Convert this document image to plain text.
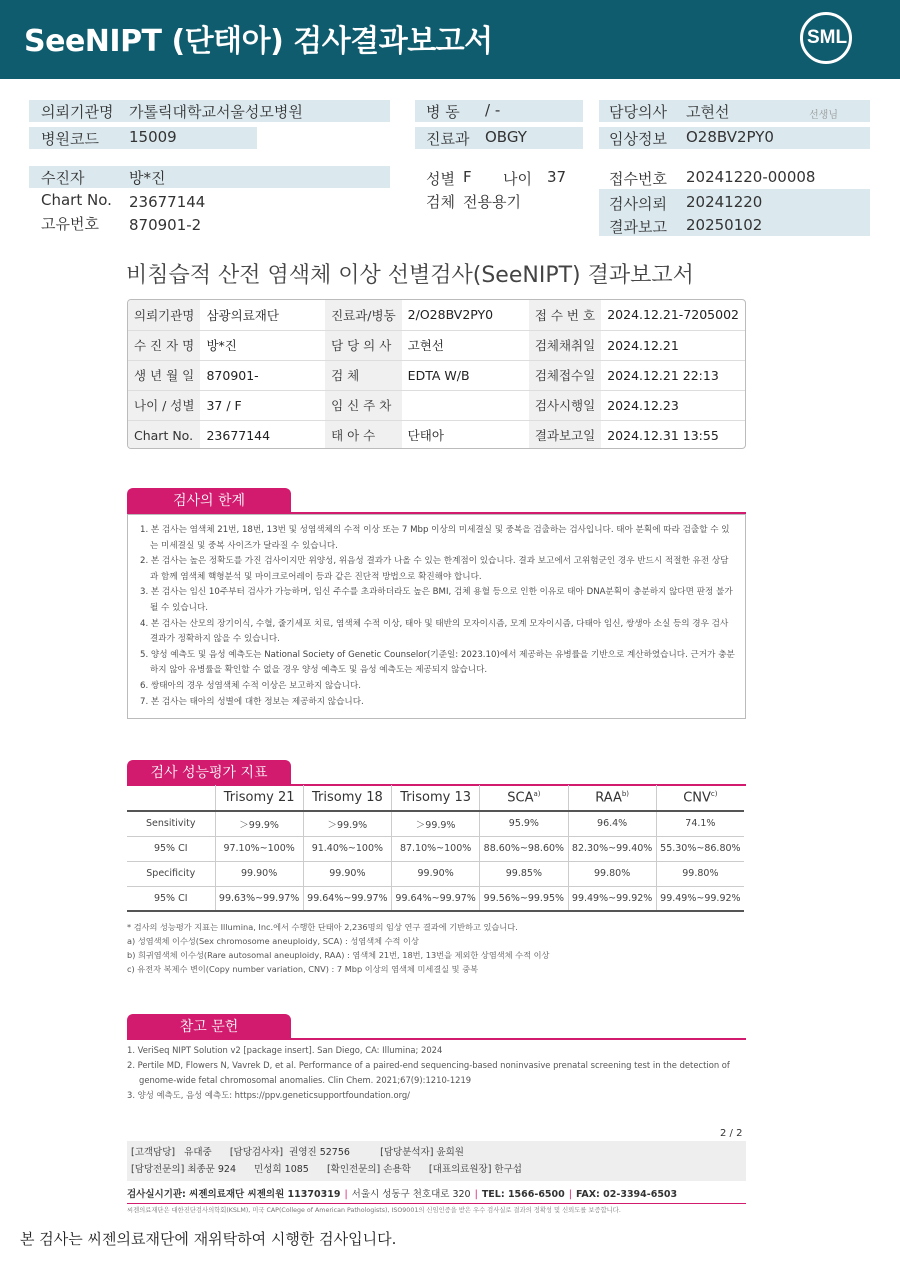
SeeNIPT (단태아) 검사결과보고서	SML
의뢰기관명 가톨릭대학교서울성모병원
병원코드 15009
병 동 / -
진료과 OBGY
담당의사 고현선	선생님
임상정보 O28BV2PY0
수진자	방*진
Chart No. 23677144
고유번호 870901-2
성별 F 나이 37
검체 전용용기
접수번호 20241220-00008
검사의뢰 20241220
결과보고 20250102
비침습적 산전 염색체 이상 선별검사(SeeNIPT) 결과보고서
의뢰기관명	삼광의료재단	진료과/병동	2/O28BV2PY0	접 수 번 호	2024.12.21-7205002
수 진 자 명	방*진	담 당 의 사	고현선	검체채취일	2024.12.21
생 년 월 일	870901-	검 체	EDTA W/B	검체접수일	2024.12.21 22:13
나이 / 성별	37 / F	임 신 주 차		검사시행일	2024.12.23
Chart No.	23677144	태 아 수	단태아	결과보고일	2024.12.31 13:55
검사의 한계
1. 본 검사는 염색체 21번, 18번, 13번 및 성염색체의 수적 이상 또는 7 Mbp 이상의 미세결실 및 중복을 검출하는 검사입니다. 태아 분획에 따라 검출할 수 있는 미세결실 및 중복 사이즈가 달라질 수 있습니다.
2. 본 검사는 높은 정확도를 가진 검사이지만 위양성, 위음성 결과가 나올 수 있는 한계점이 있습니다. 결과 보고에서 고위험군인 경우 반드시 적절한 유전 상담과 함께 염색체 핵형분석 및 마이크로어레이 등과 같은 진단적 방법으로 확진해야 합니다.
3. 본 검사는 임신 10주부터 검사가 가능하며, 임신 주수를 초과하더라도 높은 BMI, 검체 용혈 등으로 인한 이유로 태아 DNA분획이 충분하지 않다면 판정 불가 될 수 있습니다.
4. 본 검사는 산모의 장기이식, 수혈, 줄기세포 치료, 염색체 수적 이상, 태아 및 태반의 모자이시즘, 모계 모자이시즘, 다태아 임신, 쌍생아 소실 등의 경우 검사 결과가 정확하지 않을 수 있습니다.
5. 양성 예측도 및 음성 예측도는 National Society of Genetic Counselor(기준일: 2023.10)에서 제공하는 유병률을 기반으로 계산하였습니다. 근거가 충분 하지 않아 유병률을 확인할 수 없을 경우 양성 예측도 및 음성 예측도는 제공되지 않습니다.
6. 쌍태아의 경우 성염색체 수적 이상은 보고하지 않습니다.
7. 본 검사는 태아의 성별에 대한 정보는 제공하지 않습니다.
검사 성능평가 지표
	Trisomy 21	Trisomy 18	Trisomy 13	SCA$^{a)}$	RAA$^{b)}$	CNV$^{c)}$
Sensitivity	＞99.9%	＞99.9%	＞99.9%	95.9%	96.4%	74.1%
95% CI	97.10%~100%	91.40%~100%	87.10%~100%	88.60%~98.60%	82.30%~99.40%	55.30%~86.80%
Specificity	99.90%	99.90%	99.90%	99.85%	99.80%	99.80%
95% CI	99.63%~99.97%	99.64%~99.97%	99.64%~99.97%	99.56%~99.95%	99.49%~99.92%	99.49%~99.92%
* 검사의 성능평가 지표는 Illumina, Inc.에서 수행한 단태아 2,236명의 임상 연구 결과에 기반하고 있습니다.
a) 성염색체 이수성(Sex chromosome aneuploidy, SCA) : 성염색체 수적 이상
b) 희귀염색체 이수성(Rare autosomal aneuploidy, RAA) : 염색체 21번, 18번, 13번을 제외한 상염색체 수적 이상
c) 유전자 복제수 변이(Copy number variation, CNV) : 7 Mbp 이상의 염색체 미세결실 및 중복
참고 문헌
1. VeriSeq NIPT Solution v2 [package insert]. San Diego, CA: Illumina; 2024
2. Pertile MD, Flowers N, Vavrek D, et al. Performance of a paired-end sequencing-based noninvasive prenatal screening test in the detection of genome-wide fetal chromosomal anomalies. Clin Chem. 2021;67(9):1210-1219
3. 양성 예측도, 음성 예측도: https://ppv.geneticsupportfoundation.org/
2 / 2
[고객담당]   유대중      [담당검사자]  권영진 52756          [담당분석자] 윤희원
[담당전문의] 최종문 924      민성희 1085      [확인전문의] 손용학      [대표의료원장] 한구섭
검사실시기관: 씨젠의료재단 씨젠의원 11370319 | 서울시 성동구 천호대로 320 | TEL: 1566-6500 | FAX: 02-3394-6503
씨젠의료재단은 대한진단검사의학회(KSLM), 미국 CAP(College of American Pathologists), ISO9001의 신임인증을 받은 우수 검사실로 결과의 정확성 및 신뢰도를 보증합니다.
본 검사는 씨젠의료재단에 재위탁하여 시행한 검사입니다.
